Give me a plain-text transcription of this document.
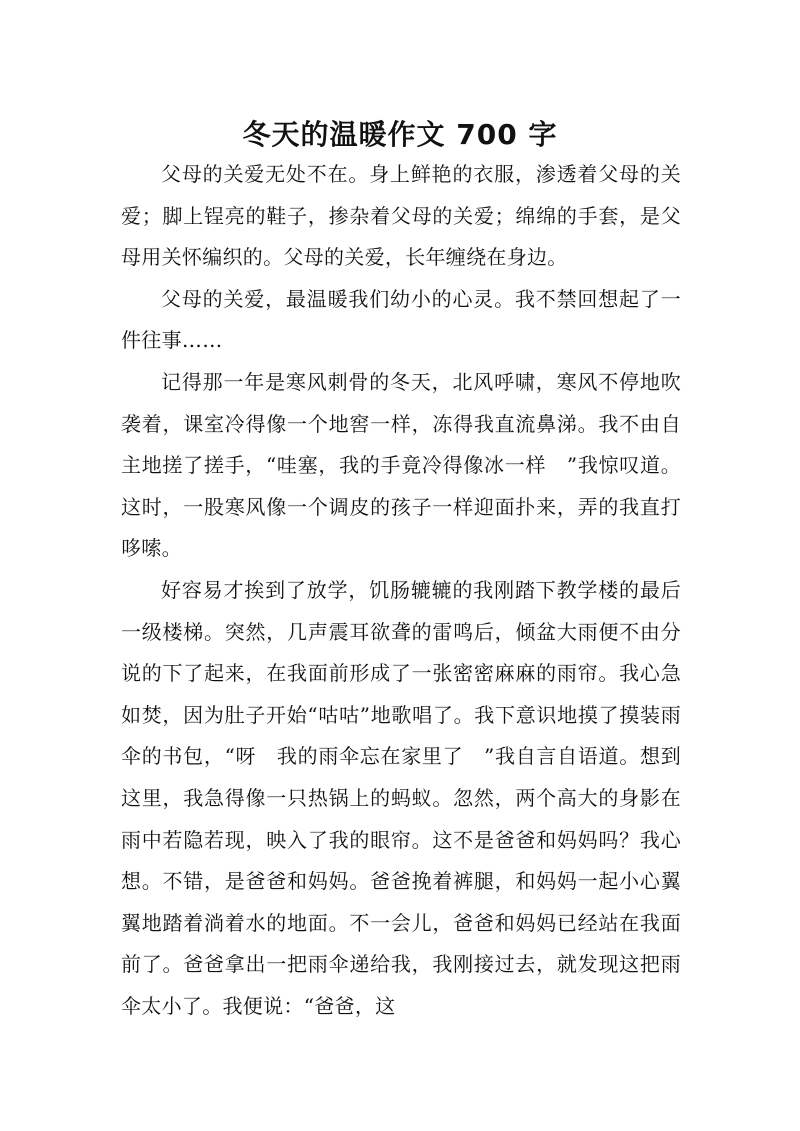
冬天的温暖作文 700 字

父母的关爱无处不在。身上鲜艳的衣服，渗透着父母的关爱；脚上锃亮的鞋子，掺杂着父母的关爱；绵绵的手套，是父母用关怀编织的。父母的关爱，长年缠绕在身边。

父母的关爱，最温暖我们幼小的心灵。我不禁回想起了一件往事……

记得那一年是寒风刺骨的冬天，北风呼啸，寒风不停地吹袭着，课室冷得像一个地窖一样，冻得我直流鼻涕。我不由自主地搓了搓手，“哇塞，我的手竟冷得像冰一样　”我惊叹道。这时，一股寒风像一个调皮的孩子一样迎面扑来，弄的我直打哆嗦。

好容易才挨到了放学，饥肠辘辘的我刚踏下教学楼的最后一级楼梯。突然，几声震耳欲聋的雷鸣后，倾盆大雨便不由分说的下了起来，在我面前形成了一张密密麻麻的雨帘。我心急如焚，因为肚子开始“咕咕”地歌唱了。我下意识地摸了摸装雨伞的书包，“呀　我的雨伞忘在家里了　”我自言自语道。想到这里，我急得像一只热锅上的蚂蚁。忽然，两个高大的身影在雨中若隐若现，映入了我的眼帘。这不是爸爸和妈妈吗？我心想。不错，是爸爸和妈妈。爸爸挽着裤腿，和妈妈一起小心翼翼地踏着淌着水的地面。不一会儿，爸爸和妈妈已经站在我面前了。爸爸拿出一把雨伞递给我，我刚接过去，就发现这把雨伞太小了。我便说：“爸爸，这
